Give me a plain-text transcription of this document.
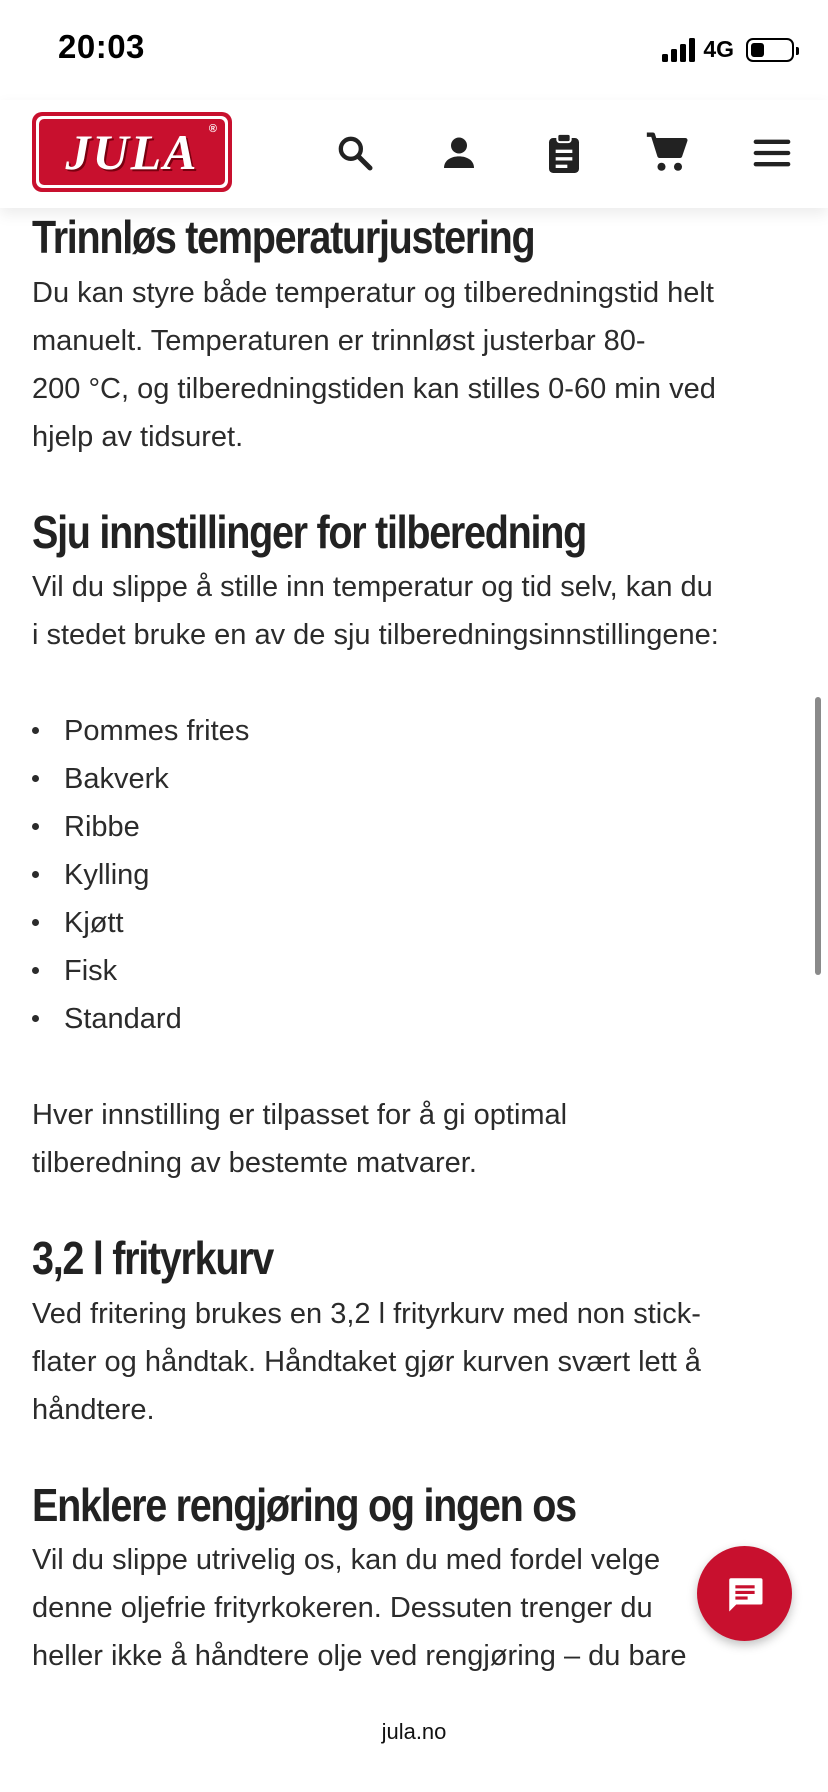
20:03	4G
JULA ®
Trinnløs temperaturjustering

Du kan styre både temperatur og tilberedningstid helt

manuelt. Temperaturen er trinnløst justerbar 80-

200 °C, og tilberedningstiden kan stilles 0-60 min ved

hjelp av tidsuret.

Sju innstillinger for tilberedning

Vil du slippe å stille inn temperatur og tid selv, kan du

i stedet bruke en av de sju tilberedningsinnstillingene:

Pommes frites
Bakverk
Ribbe
Kylling
Kjøtt
Fisk
Standard

Hver innstilling er tilpasset for å gi optimal

tilberedning av bestemte matvarer.

3,2 l frityrkurv

Ved fritering brukes en 3,2 l frityrkurv med non stick-

flater og håndtak. Håndtaket gjør kurven svært lett å

håndtere.

Enklere rengjøring og ingen os

Vil du slippe utrivelig os, kan du med fordel velge

denne oljefrie frityrkokeren. Dessuten trenger du

heller ikke å håndtere olje ved rengjøring – du bare

jula.no
